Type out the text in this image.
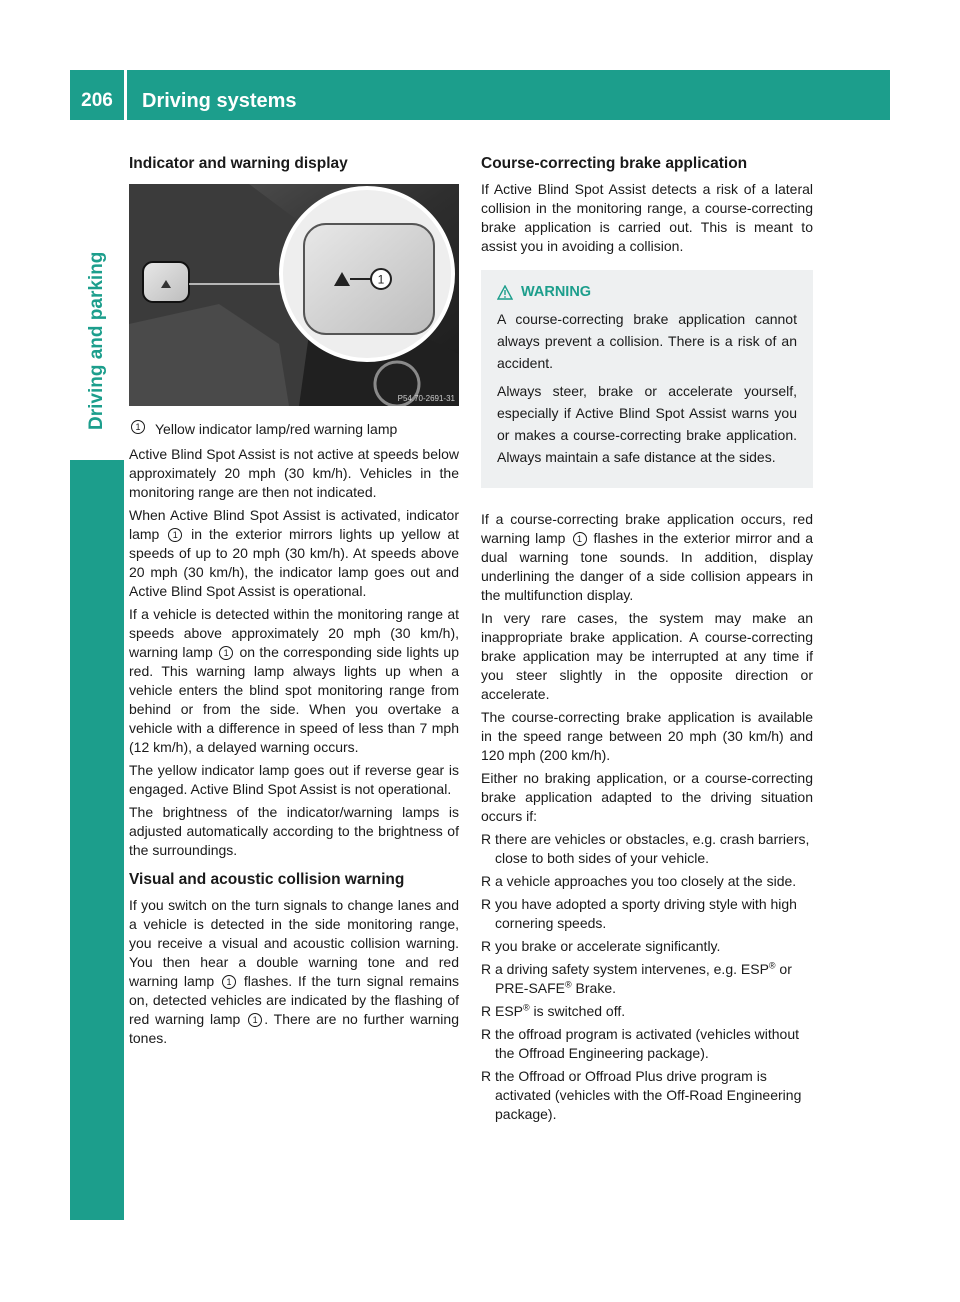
206	Driving systems
Driving and parking
Indicator and warning display
1
P54.70-2691-31
1	Yellow indicator lamp/red warning lamp

Active Blind Spot Assist is not active at speeds below approximately 20 mph (30 km/h). Vehicles in the monitoring range are then not indicated.

When Active Blind Spot Assist is activated, indicator lamp 1 in the exterior mirrors lights up yellow at speeds of up to 20 mph (30 km/h). At speeds above 20 mph (30 km/h), the indicator lamp goes out and Active Blind Spot Assist is operational.

If a vehicle is detected within the monitoring range at speeds above approximately 20 mph (30 km/h), warning lamp 1 on the corresponding side lights up red. This warning lamp always lights up when a vehicle enters the blind spot monitoring range from behind or from the side. When you overtake a vehicle with a difference in speed of less than 7 mph (12 km/h), a delayed warning occurs.

The yellow indicator lamp goes out if reverse gear is engaged. Active Blind Spot Assist is not operational.

The brightness of the indicator/warning lamps is adjusted automatically according to the brightness of the surroundings.

Visual and acoustic collision warning

If you switch on the turn signals to change lanes and a vehicle is detected in the side monitoring range, you receive a visual and acoustic collision warning. You then hear a double warning tone and red warning lamp 1 flashes. If the turn signal remains on, detected vehicles are indicated by the flashing of red warning lamp 1 . There are no further warning tones.

Course-correcting brake application

If Active Blind Spot Assist detects a risk of a lateral collision in the monitoring range, a course-correcting brake application is carried out. This is meant to assist you in avoiding a collision.

WARNING

A course-correcting brake application cannot always prevent a collision. There is a risk of an accident.

Always steer, brake or accelerate yourself, especially if Active Blind Spot Assist warns you or makes a course-correcting brake application. Always maintain a safe distance at the sides.

If a course-correcting brake application occurs, red warning lamp 1 flashes in the exterior mirror and a dual warning tone sounds. In addition, display underlining the danger of a side collision appears in the multifunction display.

In very rare cases, the system may make an inappropriate brake application. A course-correcting brake application may be interrupted at any time if you steer slightly in the opposite direction or accelerate.

The course-correcting brake application is available in the speed range between 20 mph (30 km/h) and 120 mph (200 km/h).

Either no braking application, or a course-correcting brake application adapted to the driving situation occurs if:

R there are vehicles or obstacles, e.g. crash barriers, close to both sides of your vehicle.
R a vehicle approaches you too closely at the side.
R you have adopted a sporty driving style with high cornering speeds.
R you brake or accelerate significantly.
R a driving safety system intervenes, e.g. ESP® or PRE-SAFE® Brake.
R ESP® is switched off.
R the offroad program is activated (vehicles without the Offroad Engineering package).
R the Offroad or Offroad Plus drive program is activated (vehicles with the Off-Road Engineering package).
